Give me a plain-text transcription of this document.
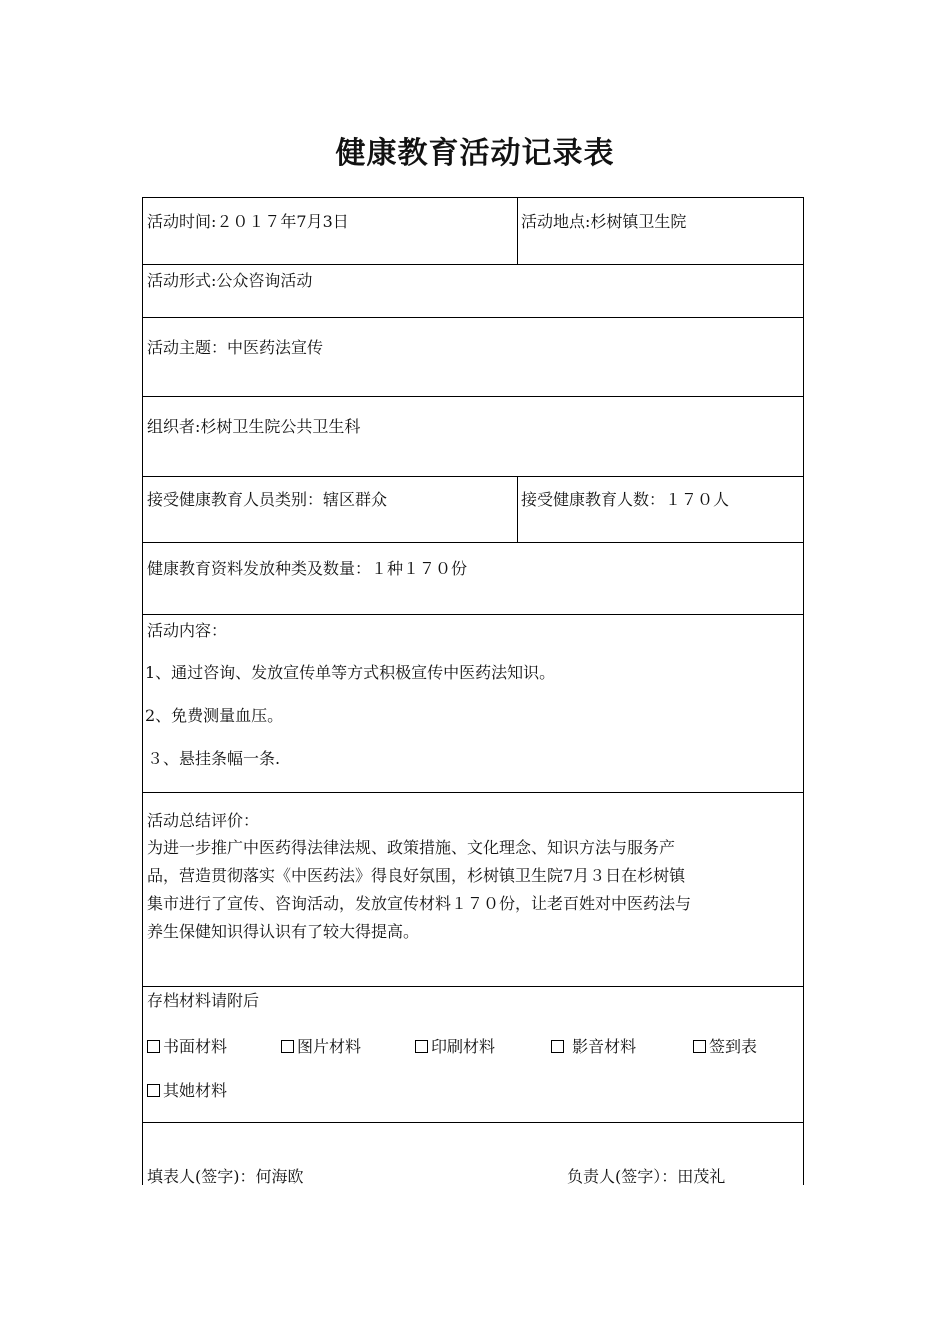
健康教育活动记录表
活动时间:２０１７年7月3日	活动地点:杉树镇卫生院
活动形式:公众咨询活动
活动主题：中医药法宣传
组织者:杉树卫生院公共卫生科
接受健康教育人员类别：辖区群众	接受健康教育人数：１７０人
健康教育资料发放种类及数量：１种１７０份
活动内容：
1、通过咨询、发放宣传单等方式积极宣传中医药法知识。
2、免费测量血压。
３、悬挂条幅一条.
活动总结评价：
为进一步推广中医药得法律法规、政策措施、文化理念、知识方法与服务产
品，营造贯彻落实《中医药法》得良好氛围，杉树镇卫生院7月３日在杉树镇
集市进行了宣传、咨询活动，发放宣传材料１７０份，让老百姓对中医药法与
养生保健知识得认识有了较大得提高。
存档材料请附后
书面材料	图片材料	印刷材料	影音材料	签到表
其她材料
填表人(签字)：何海欧	负责人(签字）：田茂礼
